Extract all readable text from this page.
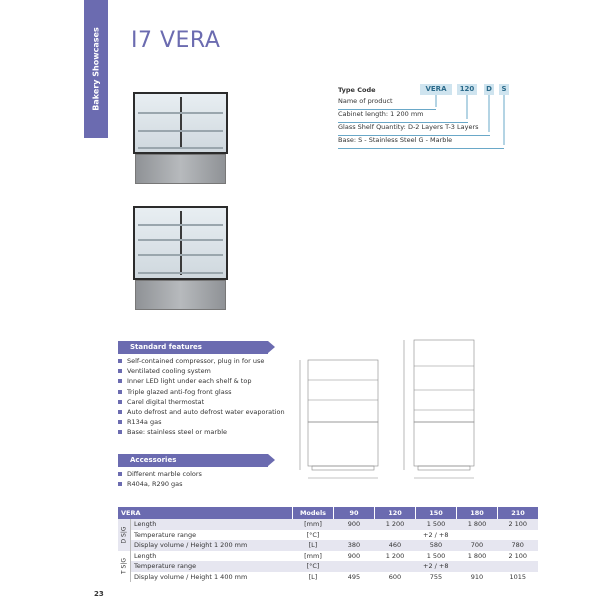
Bakery Showcases I7 VERA
Type Code	VERA	120	D	S
Name of product
Cabinet length: 1 200 mm
Glass Shelf Quantity: D-2 Layers T-3 Layers
Base: S - Stainless Steel G - Marble
Standard features
Self-contained compressor, plug in for use
Ventilated cooling system
Inner LED light under each shelf & top
Triple glazed anti-fog front glass
Carel digital thermostat
Auto defrost and auto defrost water evaporation
R134a gas
Base: stainless steel or marble
Accessories
Different marble colors
R404a, R290 gas
VERA		Models	90	120	150	180	210

D S|G	Length	[mm]	900	1 200	1 500	1 800	2 100
	Temperature range	[°C]	+2 / +8				
	Display volume / Height 1 200 mm	[L]	380	460	580	700	780

T S|G	Length	[mm]	900	1 200	1 500	1 800	2 100
	Temperature range	[°C]	+2 / +8				
	Display volume / Height 1 400 mm	[L]	495	600	755	910	1015
23
